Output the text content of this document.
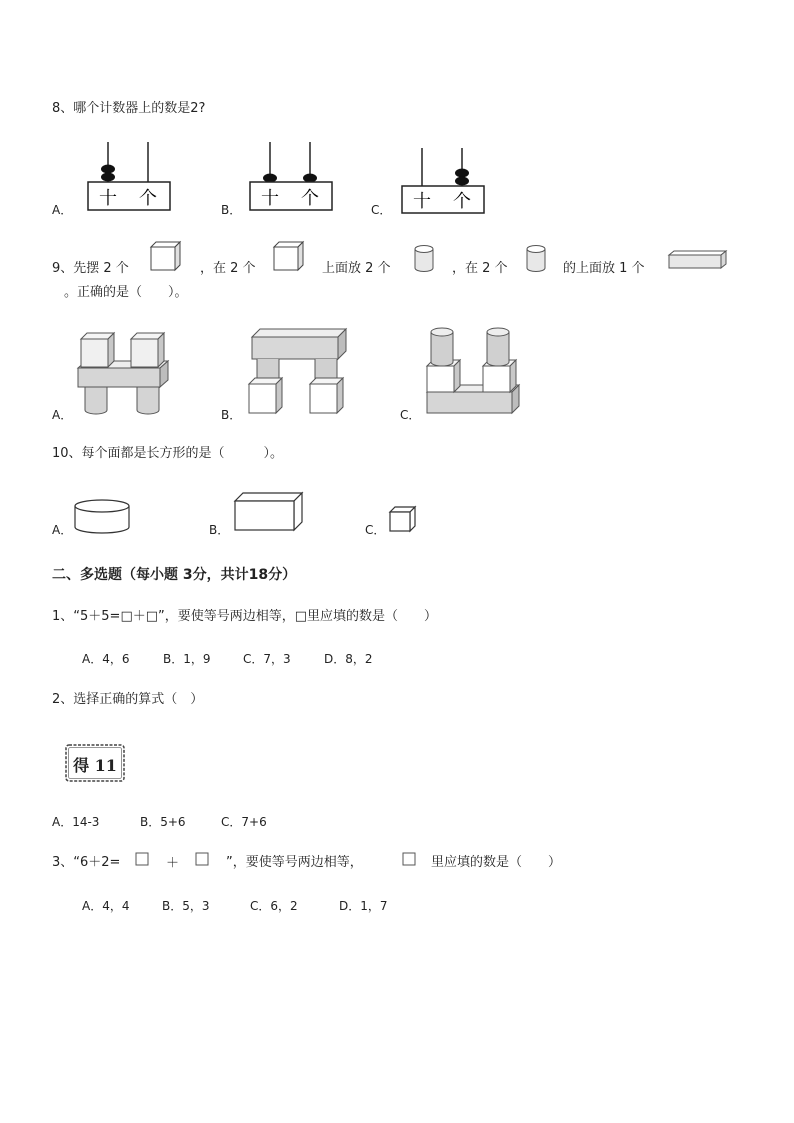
8、哪个计数器上的数是2?
A．
十 个
B．
十 个
C． 十 个
9、先摆 2 个	，在 2 个	上面放 2 个	，在 2 个	的上面放 1 个
。正确的是（　　）。
A．	B．	C．
10、每个面都是长方形的是（　　　）。
A．	B．	C．
二、多选题（每小题 3分，共计18分）
1、“5＋5=□＋□”，要使等号两边相等，□里应填的数是（　　）
A．4，6	B．1，9	C．7，3	D．8，2
2、选择正确的算式（　）
得 11
A．14-3	B．5+6	C．7+6
3、“6＋2=	＋	”，要使等号两边相等，	里应填的数是（　　）
A．4，4	B．5，3	C．6，2	D．1，7
